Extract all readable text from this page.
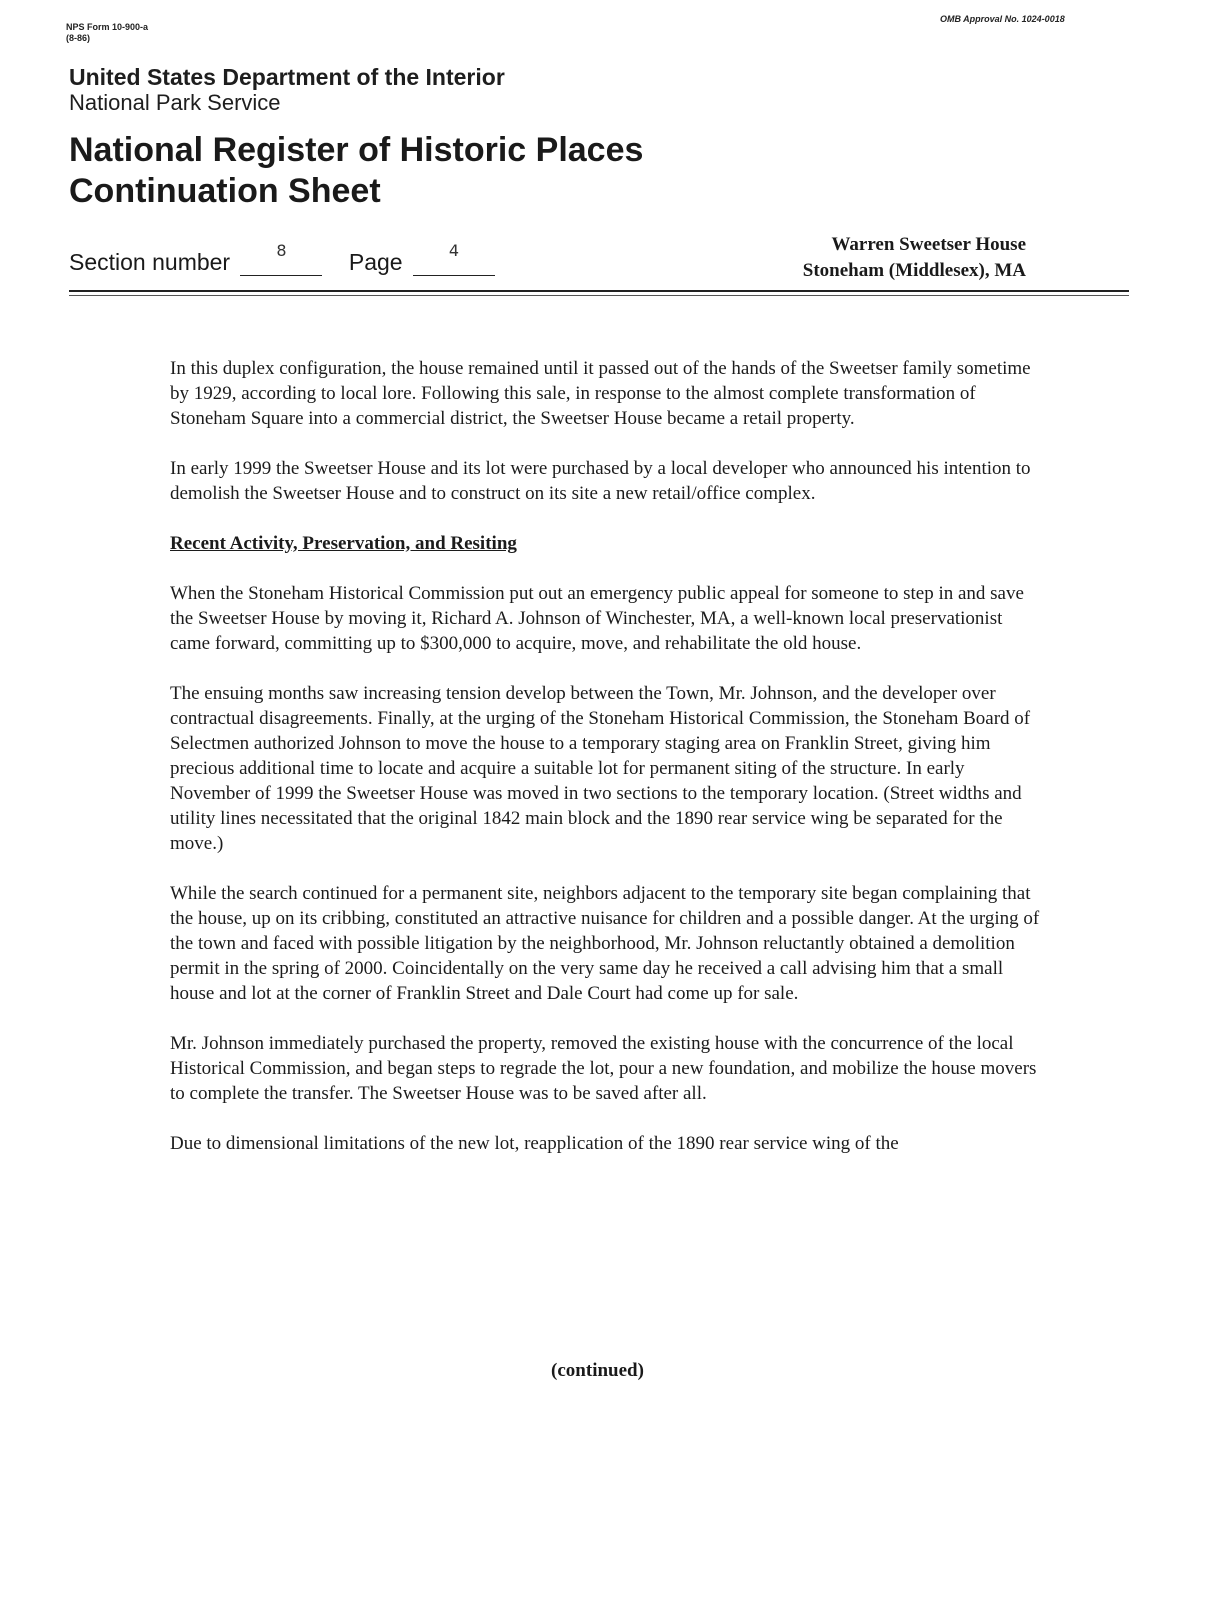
NPS Form 10-900-a
(8-86)
OMB Approval No. 1024-0018
United States Department of the Interior
National Park Service
National Register of Historic Places
Continuation Sheet
Section number	8	Page	4	Warren Sweetser House
Stoneham (Middlesex), MA

In this duplex configuration, the house remained until it passed out of the hands of the Sweetser family sometime by 1929, according to local lore. Following this sale, in response to the almost complete transformation of Stoneham Square into a commercial district, the Sweetser House became a retail property.

In early 1999 the Sweetser House and its lot were purchased by a local developer who announced his intention to demolish the Sweetser House and to construct on its site a new retail/office complex.

Recent Activity, Preservation, and Resiting

When the Stoneham Historical Commission put out an emergency public appeal for someone to step in and save the Sweetser House by moving it, Richard A. Johnson of Winchester, MA, a well-known local preservationist came forward, committing up to $300,000 to acquire, move, and rehabilitate the old house.

The ensuing months saw increasing tension develop between the Town, Mr. Johnson, and the developer over contractual disagreements. Finally, at the urging of the Stoneham Historical Commission, the Stoneham Board of Selectmen authorized Johnson to move the house to a temporary staging area on Franklin Street, giving him precious additional time to locate and acquire a suitable lot for permanent siting of the structure. In early November of 1999 the Sweetser House was moved in two sections to the temporary location. (Street widths and utility lines necessitated that the original 1842 main block and the 1890 rear service wing be separated for the move.)

While the search continued for a permanent site, neighbors adjacent to the temporary site began complaining that the house, up on its cribbing, constituted an attractive nuisance for children and a possible danger. At the urging of the town and faced with possible litigation by the neighborhood, Mr. Johnson reluctantly obtained a demolition permit in the spring of 2000. Coincidentally on the very same day he received a call advising him that a small house and lot at the corner of Franklin Street and Dale Court had come up for sale.

Mr. Johnson immediately purchased the property, removed the existing house with the concurrence of the local Historical Commission, and began steps to regrade the lot, pour a new foundation, and mobilize the house movers to complete the transfer. The Sweetser House was to be saved after all.

Due to dimensional limitations of the new lot, reapplication of the 1890 rear service wing of the

(continued)
